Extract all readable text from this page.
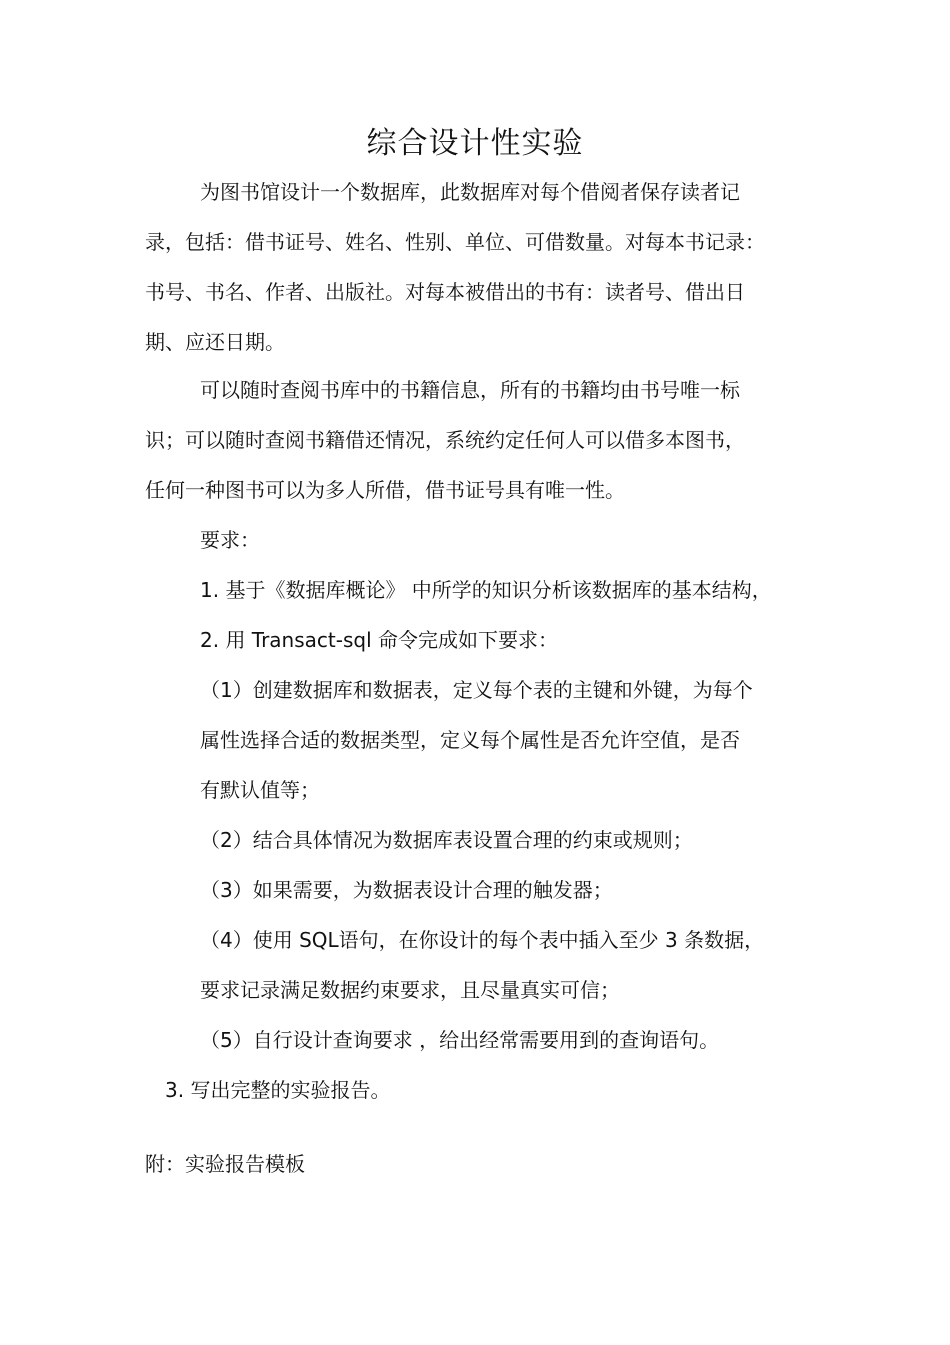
综合设计性实验
为图书馆设计一个数据库，此数据库对每个借阅者保存读者记
录，包括：借书证号、姓名、性别、单位、可借数量。对每本书记录：
书号、书名、作者、出版社。对每本被借出的书有：读者号、借出日
期、应还日期。
可以随时查阅书库中的书籍信息，所有的书籍均由书号唯一标
识；可以随时查阅书籍借还情况，系统约定任何人可以借多本图书，
任何一种图书可以为多人所借，借书证号具有唯一性。
要求：
1. 基于《数据库概论》 中所学的知识分析该数据库的基本结构，
2. 用 Transact-sql 命令完成如下要求：
（1）创建数据库和数据表，定义每个表的主键和外键，为每个
属性选择合适的数据类型，定义每个属性是否允许空值，是否
有默认值等；
（2）结合具体情况为数据库表设置合理的约束或规则；
（3）如果需要，为数据表设计合理的触发器；
（4）使用 SQL语句，在你设计的每个表中插入至少 3 条数据，
要求记录满足数据约束要求，且尽量真实可信；
（5）自行设计查询要求 ，给出经常需要用到的查询语句。
3. 写出完整的实验报告。
附：实验报告模板
